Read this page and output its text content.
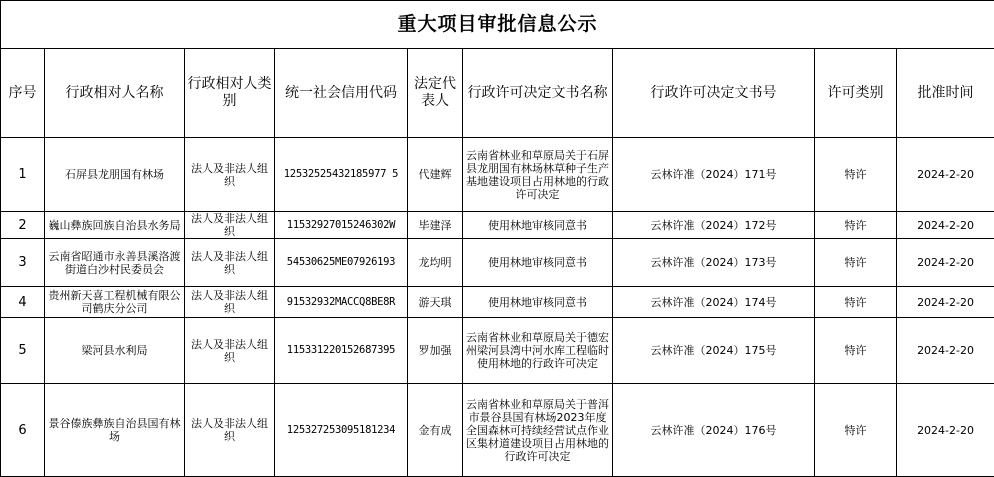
重大项目审批信息公示								
序号	行政相对人名称	行政相对人类别	统一社会信用代码	法定代表人	行政许可决定文书名称	行政许可决定文书号	许可类别	批准时间
1	石屏县龙朋国有林场	法人及非法人组织	12532525432185977 5	代建辉	云南省林业和草原局关于石屏县龙朋国有林场林草种子生产基地建设项目占用林地的行政许可决定	云林许准（2024）171号	特许	2024-2-20
2	巍山彝族回族自治县水务局	法人及非法人组织	11532927015246302W	毕建泽	使用林地审核同意书	云林许准（2024）172号	特许	2024-2-20
3	云南省昭通市永善县溪洛渡街道白沙村民委员会	法人及非法人组织	54530625ME07926193	龙均明	使用林地审核同意书	云林许准（2024）173号	特许	2024-2-20
4	贵州新天喜工程机械有限公司鹤庆分公司	法人及非法人组织	91532932MACCQ8BE8R	游天琪	使用林地审核同意书	云林许准（2024）174号	特许	2024-2-20
5	梁河县水利局	法人及非法人组织	115331220152687395	罗加强	云南省林业和草原局关于德宏州梁河县湾中河水库工程临时使用林地的行政许可决定	云林许准（2024）175号	特许	2024-2-20
6	景谷傣族彝族自治县国有林场	法人及非法人组织	125327253095181234	金有成	云南省林业和草原局关于普洱市景谷县国有林场2023年度全国森林可持续经营试点作业区集材道建设项目占用林地的行政许可决定	云林许准（2024）176号	特许	2024-2-20
